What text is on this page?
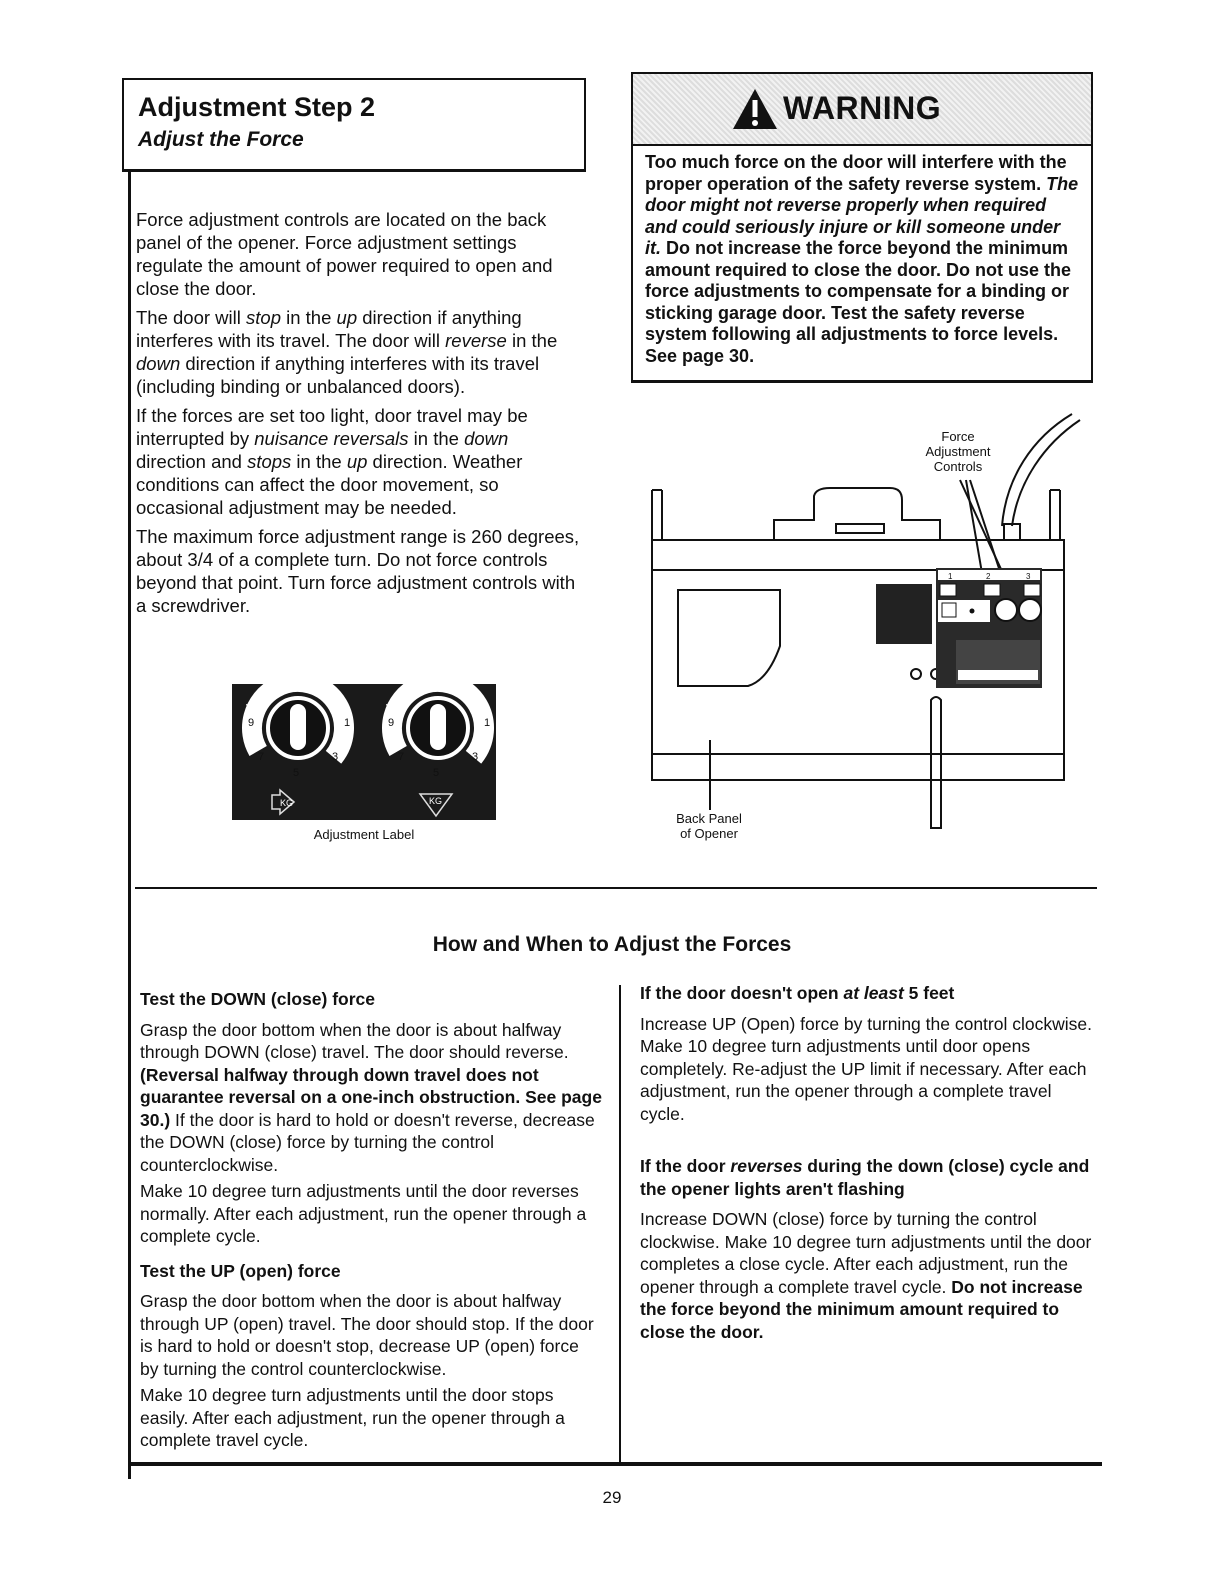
Adjustment Step 2
Adjust the Force

Force adjustment controls are located on the back panel of the opener. Force adjustment settings regulate the amount of power required to open and close the door.

The door will stop in the up direction if anything interferes with its travel. The door will reverse in the down direction if anything interferes with its travel (including binding or unbalanced doors).

If the forces are set too light, door travel may be interrupted by nuisance reversals in the down direction and stops in the up direction. Weather conditions can affect the door movement, so occasional adjustment may be needed.

The maximum force adjustment range is 260 degrees, about 3/4 of a complete turn. Do not force controls beyond that point. Turn force adjustment controls with a screwdriver.

WARNING
Too much force on the door will interfere with the proper operation of the safety reverse system. The door might not reverse properly when required and could seriously injure or kill someone under it. Do not increase the force beyond the minimum amount required to close the door. Do not use the force adjustments to compensate for a binding or sticking garage door. Test the safety reverse system following all adjustments to force levels. See page 30.
9	1
7	3
5
KG
9	1
7	3
5
KG
Adjustment Label
1	2	3
Force
Adjustment
Controls
Back Panel
of Opener
How and When to Adjust the Forces
Test the DOWN (close) force

Grasp the door bottom when the door is about halfway through DOWN (close) travel. The door should reverse. (Reversal halfway through down travel does not guarantee reversal on a one-inch obstruction. See page 30.) If the door is hard to hold or doesn't reverse, decrease the DOWN (close) force by turning the control counterclockwise.

Make 10 degree turn adjustments until the door reverses normally. After each adjustment, run the opener through a complete cycle.

Test the UP (open) force

Grasp the door bottom when the door is about halfway through UP (open) travel. The door should stop. If the door is hard to hold or doesn't stop, decrease UP (open) force by turning the control counterclockwise.

Make 10 degree turn adjustments until the door stops easily. After each adjustment, run the opener through a complete travel cycle.

If the door doesn't open at least 5 feet

Increase UP (Open) force by turning the control clockwise. Make 10 degree turn adjustments until door opens completely. Re-adjust the UP limit if necessary. After each adjustment, run the opener through a complete travel cycle.

If the door reverses during the down (close) cycle and the opener lights aren't flashing

Increase DOWN (close) force by turning the control clockwise. Make 10 degree turn adjustments until the door completes a close cycle. After each adjustment, run the opener through a complete travel cycle. Do not increase the force beyond the minimum amount required to close the door.

29
